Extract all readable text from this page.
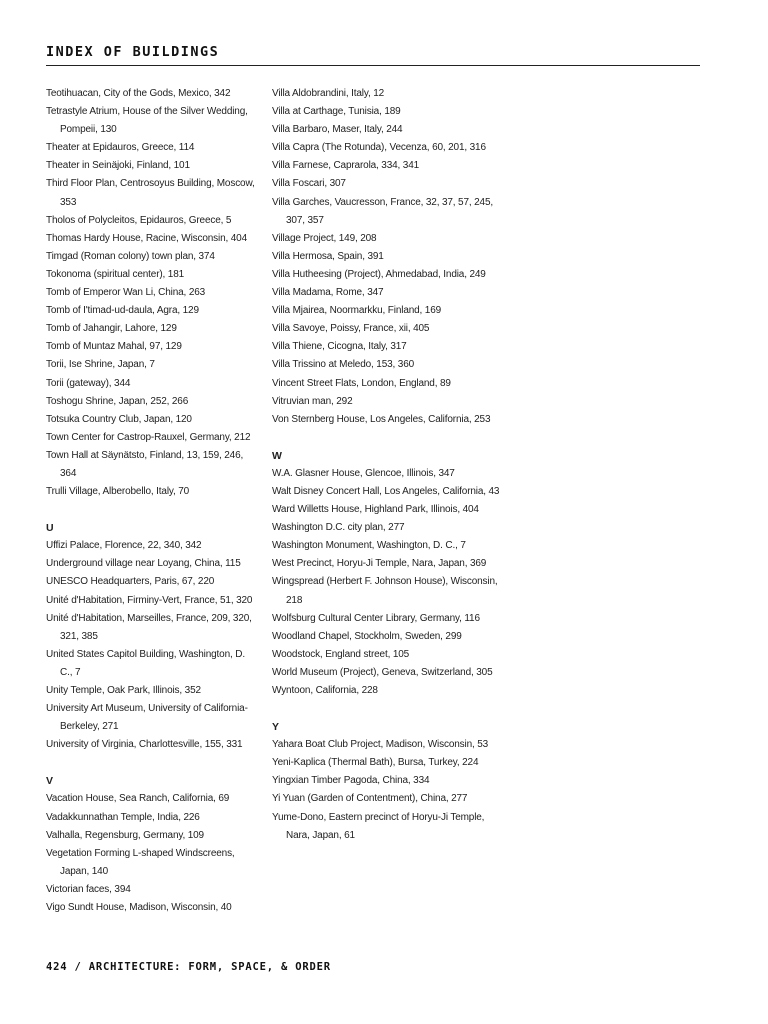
INDEX OF BUILDINGS
Teotihuacan, City of the Gods, Mexico, 342
Tetrastyle Atrium, House of the Silver Wedding, Pompeii, 130
Theater at Epidauros, Greece, 114
Theater in Seinäjoki, Finland, 101
Third Floor Plan, Centrosoyus Building, Moscow, 353
Tholos of Polycleitos, Epidauros, Greece, 5
Thomas Hardy House, Racine, Wisconsin, 404
Timgad (Roman colony) town plan, 374
Tokonoma (spiritual center), 181
Tomb of Emperor Wan Li, China, 263
Tomb of I'timad-ud-daula, Agra, 129
Tomb of Jahangir, Lahore, 129
Tomb of Muntaz Mahal, 97, 129
Torii, Ise Shrine, Japan, 7
Torii (gateway), 344
Toshogu Shrine, Japan, 252, 266
Totsuka Country Club, Japan, 120
Town Center for Castrop-Rauxel, Germany, 212
Town Hall at Säynätsto, Finland, 13, 159, 246, 364
Trulli Village, Alberobello, Italy, 70
U
Uffizi Palace, Florence, 22, 340, 342
Underground village near Loyang, China, 115
UNESCO Headquarters, Paris, 67, 220
Unité d'Habitation, Firminy-Vert, France, 51, 320
Unité d'Habitation, Marseilles, France, 209, 320, 321, 385
United States Capitol Building, Washington, D. C., 7
Unity Temple, Oak Park, Illinois, 352
University Art Museum, University of California-Berkeley, 271
University of Virginia, Charlottesville, 155, 331
V
Vacation House, Sea Ranch, California, 69
Vadakkunnathan Temple, India, 226
Valhalla, Regensburg, Germany, 109
Vegetation Forming L-shaped Windscreens, Japan, 140
Victorian faces, 394
Vigo Sundt House, Madison, Wisconsin, 40
Villa Aldobrandini, Italy, 12
Villa at Carthage, Tunisia, 189
Villa Barbaro, Maser, Italy, 244
Villa Capra (The Rotunda), Vecenza, 60, 201, 316
Villa Farnese, Caprarola, 334, 341
Villa Foscari, 307
Villa Garches, Vaucresson, France, 32, 37, 57, 245, 307, 357
Village Project, 149, 208
Villa Hermosa, Spain, 391
Villa Hutheesing (Project), Ahmedabad, India, 249
Villa Madama, Rome, 347
Villa Mjairea, Noormarkku, Finland, 169
Villa Savoye, Poissy, France, xii, 405
Villa Thiene, Cicogna, Italy, 317
Villa Trissino at Meledo, 153, 360
Vincent Street Flats, London, England, 89
Vitruvian man, 292
Von Sternberg House, Los Angeles, California, 253
W
W.A. Glasner House, Glencoe, Illinois, 347
Walt Disney Concert Hall, Los Angeles, California, 43
Ward Willetts House, Highland Park, Illinois, 404
Washington D.C. city plan, 277
Washington Monument, Washington, D. C., 7
West Precinct, Horyu-Ji Temple, Nara, Japan, 369
Wingspread (Herbert F. Johnson House), Wisconsin, 218
Wolfsburg Cultural Center Library, Germany, 116
Woodland Chapel, Stockholm, Sweden, 299
Woodstock, England street, 105
World Museum (Project), Geneva, Switzerland, 305
Wyntoon, California, 228
Y
Yahara Boat Club Project, Madison, Wisconsin, 53
Yeni-Kaplica (Thermal Bath), Bursa, Turkey, 224
Yingxian Timber Pagoda, China, 334
Yi Yuan (Garden of Contentment), China, 277
Yume-Dono, Eastern precinct of Horyu-Ji Temple, Nara, Japan, 61
424 / ARCHITECTURE: FORM, SPACE, & ORDER
